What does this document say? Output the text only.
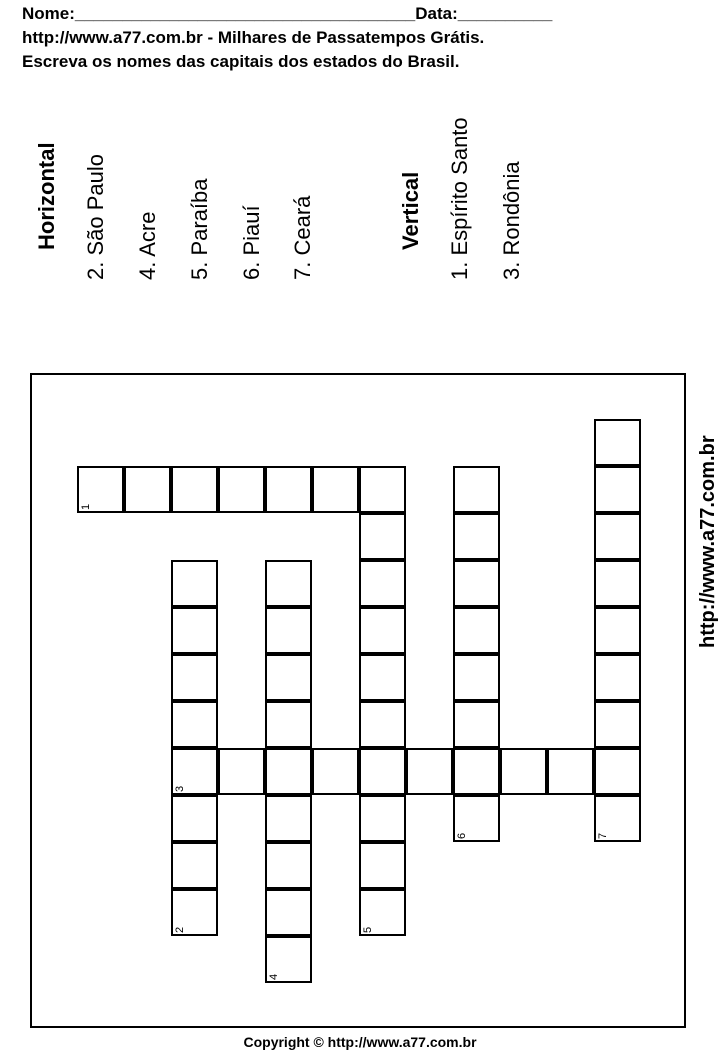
Nome:____________________________________Data:__________
http://www.a77.com.br - Milhares de Passatempos Grátis.
Escreva os nomes das capitais dos estados do Brasil.
Horizontal 2. São Paulo 4. Acre 5. Paraíba 6. Piauí 7. Ceará	Vertical 1. Espírito Santo 3. Rondônia
1
5
3
2
4
6	7
http://www.a77.com.br
Copyright © http://www.a77.com.br
